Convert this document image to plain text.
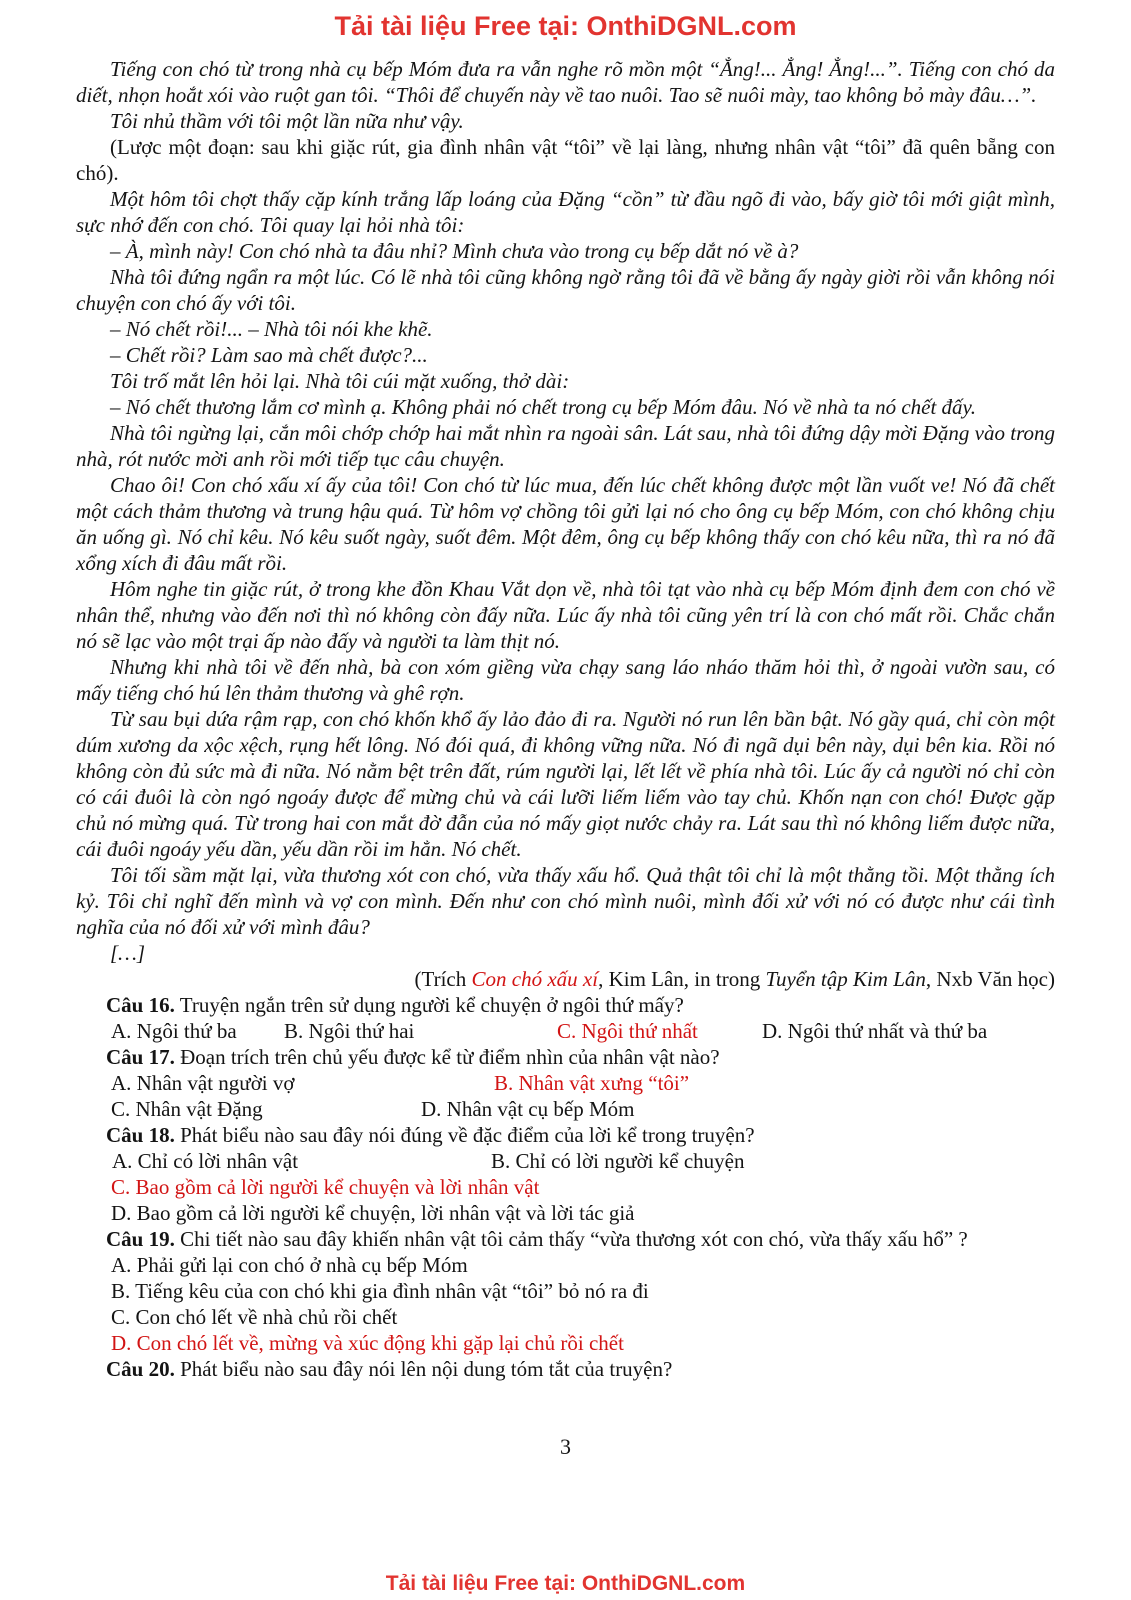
Tải tài liệu Free tại: OnthiDGNL.com

Tiếng con chó từ trong nhà cụ bếp Móm đưa ra vẫn nghe rõ mồn một “Ẳng!... Ẳng! Ẳng!...”. Tiếng con chó da diết, nhọn hoắt xói vào ruột gan tôi. “Thôi để chuyến này về tao nuôi. Tao sẽ nuôi mày, tao không bỏ mày đâu…”.

Tôi nhủ thầm với tôi một lần nữa như vậy.

(Lược một đoạn: sau khi giặc rút, gia đình nhân vật “tôi” về lại làng, nhưng nhân vật “tôi” đã quên bẵng con chó).

Một hôm tôi chợt thấy cặp kính trắng lấp loáng của Đặng “cồn” từ đầu ngõ đi vào, bấy giờ tôi mới giật mình, sực nhớ đến con chó. Tôi quay lại hỏi nhà tôi:

– À, mình này! Con chó nhà ta đâu nhỉ? Mình chưa vào trong cụ bếp dắt nó về à?

Nhà tôi đứng ngẩn ra một lúc. Có lẽ nhà tôi cũng không ngờ rằng tôi đã về bằng ấy ngày giời rồi vẫn không nói chuyện con chó ấy với tôi.

– Nó chết rồi!... – Nhà tôi nói khe khẽ.

– Chết rồi? Làm sao mà chết được?...

Tôi trố mắt lên hỏi lại. Nhà tôi cúi mặt xuống, thở dài:

– Nó chết thương lắm cơ mình ạ. Không phải nó chết trong cụ bếp Móm đâu. Nó về nhà ta nó chết đấy.

Nhà tôi ngừng lại, cắn môi chớp chớp hai mắt nhìn ra ngoài sân. Lát sau, nhà tôi đứng dậy mời Đặng vào trong nhà, rót nước mời anh rồi mới tiếp tục câu chuyện.

Chao ôi! Con chó xấu xí ấy của tôi! Con chó từ lúc mua, đến lúc chết không được một lần vuốt ve! Nó đã chết một cách thảm thương và trung hậu quá. Từ hôm vợ chồng tôi gửi lại nó cho ông cụ bếp Móm, con chó không chịu ăn uống gì. Nó chỉ kêu. Nó kêu suốt ngày, suốt đêm. Một đêm, ông cụ bếp không thấy con chó kêu nữa, thì ra nó đã xổng xích đi đâu mất rồi.

Hôm nghe tin giặc rút, ở trong khe đồn Khau Vắt dọn về, nhà tôi tạt vào nhà cụ bếp Móm định đem con chó về nhân thể, nhưng vào đến nơi thì nó không còn đấy nữa. Lúc ấy nhà tôi cũng yên trí là con chó mất rồi. Chắc chắn nó sẽ lạc vào một trại ấp nào đấy và người ta làm thịt nó.

Nhưng khi nhà tôi về đến nhà, bà con xóm giềng vừa chạy sang láo nháo thăm hỏi thì, ở ngoài vườn sau, có mấy tiếng chó hú lên thảm thương và ghê rợn.

Từ sau bụi dứa rậm rạp, con chó khốn khổ ấy lảo đảo đi ra. Người nó run lên bần bật. Nó gầy quá, chỉ còn một dúm xương da xộc xệch, rụng hết lông. Nó đói quá, đi không vững nữa. Nó đi ngã dụi bên này, dụi bên kia. Rồi nó không còn đủ sức mà đi nữa. Nó nằm bệt trên đất, rúm người lại, lết lết về phía nhà tôi. Lúc ấy cả người nó chỉ còn có cái đuôi là còn ngó ngoáy được để mừng chủ và cái lưỡi liếm liếm vào tay chủ. Khốn nạn con chó! Được gặp chủ nó mừng quá. Từ trong hai con mắt đờ đẫn của nó mấy giọt nước chảy ra. Lát sau thì nó không liếm được nữa, cái đuôi ngoáy yếu dần, yếu dần rồi im hẳn. Nó chết.

Tôi tối sầm mặt lại, vừa thương xót con chó, vừa thấy xấu hổ. Quả thật tôi chỉ là một thằng tồi. Một thằng ích kỷ. Tôi chỉ nghĩ đến mình và vợ con mình. Đến như con chó mình nuôi, mình đối xử với nó có được như cái tình nghĩa của nó đối xử với mình đâu?

[…]

(Trích Con chó xấu xí, Kim Lân, in trong Tuyển tập Kim Lân, Nxb Văn học)

Câu 16. Truyện ngắn trên sử dụng người kể chuyện ở ngôi thứ mấy?

A. Ngôi thứ ba B. Ngôi thứ hai	C. Ngôi thứ nhất	D. Ngôi thứ nhất và thứ ba

Câu 17. Đoạn trích trên chủ yếu được kể từ điểm nhìn của nhân vật nào?

A. Nhân vật người vợ	B. Nhân vật xưng “tôi”
C. Nhân vật Đặng	D. Nhân vật cụ bếp Móm

Câu 18. Phát biểu nào sau đây nói đúng về đặc điểm của lời kể trong truyện?

A. Chỉ có lời nhân vật	B. Chỉ có lời người kể chuyện
C. Bao gồm cả lời người kể chuyện và lời nhân vật
D. Bao gồm cả lời người kể chuyện, lời nhân vật và lời tác giả

Câu 19. Chi tiết nào sau đây khiến nhân vật tôi cảm thấy “vừa thương xót con chó, vừa thấy xấu hổ” ?

A. Phải gửi lại con chó ở nhà cụ bếp Móm
B. Tiếng kêu của con chó khi gia đình nhân vật “tôi” bỏ nó ra đi
C. Con chó lết về nhà chủ rồi chết
D. Con chó lết về, mừng và xúc động khi gặp lại chủ rồi chết

Câu 20. Phát biểu nào sau đây nói lên nội dung tóm tắt của truyện?

3

Tải tài liệu Free tại: OnthiDGNL.com
